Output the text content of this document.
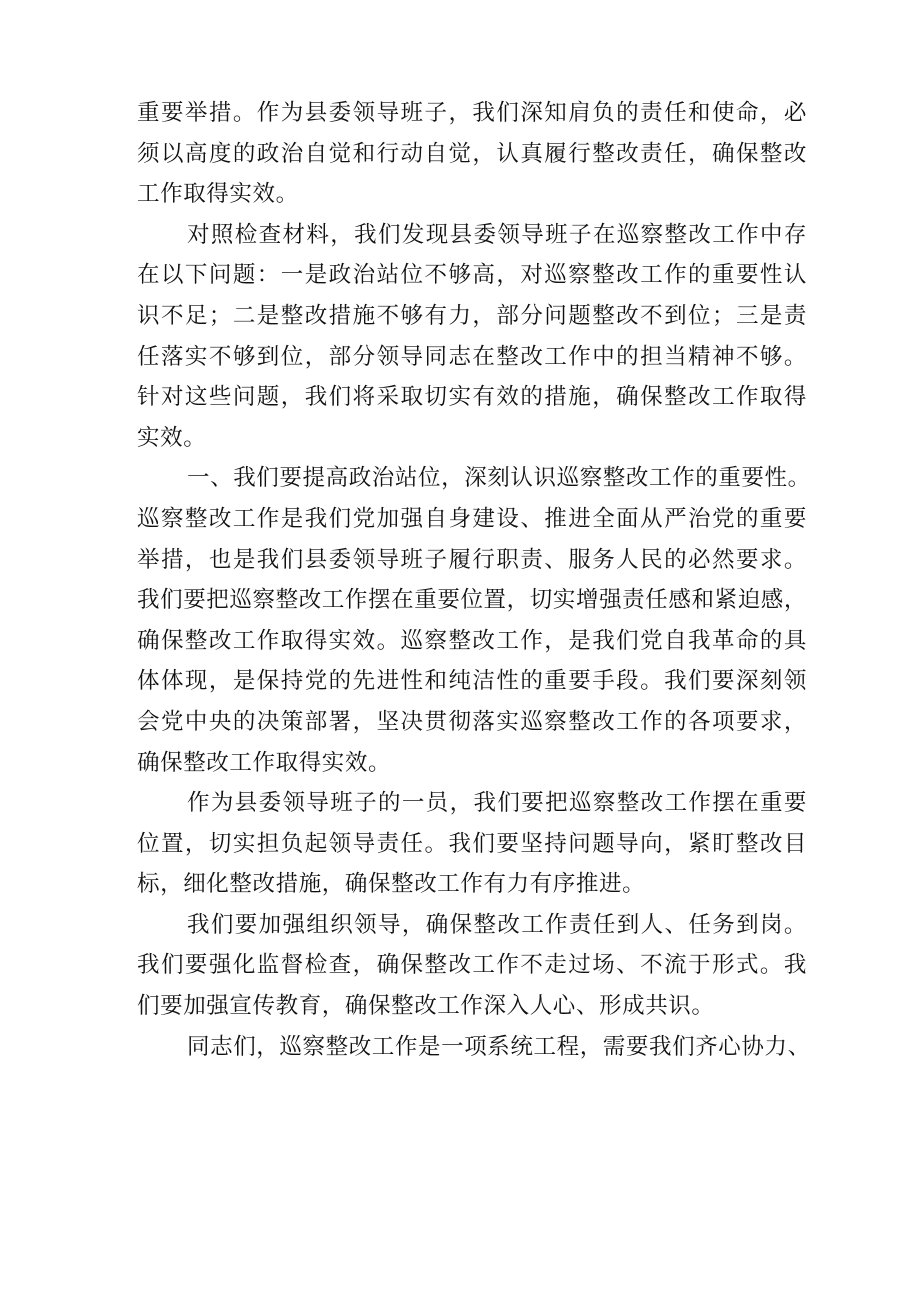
重要举措。作为县委领导班子，我们深知肩负的责任和使命，必
须以高度的政治自觉和行动自觉，认真履行整改责任，确保整改
工作取得实效。
对照检查材料，我们发现县委领导班子在巡察整改工作中存
在以下问题：一是政治站位不够高，对巡察整改工作的重要性认
识不足；二是整改措施不够有力，部分问题整改不到位；三是责
任落实不够到位，部分领导同志在整改工作中的担当精神不够。
针对这些问题，我们将采取切实有效的措施，确保整改工作取得
实效。
一、我们要提高政治站位，深刻认识巡察整改工作的重要性。
巡察整改工作是我们党加强自身建设、推进全面从严治党的重要
举措，也是我们县委领导班子履行职责、服务人民的必然要求。
我们要把巡察整改工作摆在重要位置，切实增强责任感和紧迫感，
确保整改工作取得实效。巡察整改工作，是我们党自我革命的具
体体现，是保持党的先进性和纯洁性的重要手段。我们要深刻领
会党中央的决策部署，坚决贯彻落实巡察整改工作的各项要求，
确保整改工作取得实效。
作为县委领导班子的一员，我们要把巡察整改工作摆在重要
位置，切实担负起领导责任。我们要坚持问题导向，紧盯整改目
标，细化整改措施，确保整改工作有力有序推进。
我们要加强组织领导，确保整改工作责任到人、任务到岗。
我们要强化监督检查，确保整改工作不走过场、不流于形式。我
们要加强宣传教育，确保整改工作深入人心、形成共识。
同志们，巡察整改工作是一项系统工程，需要我们齐心协力、
